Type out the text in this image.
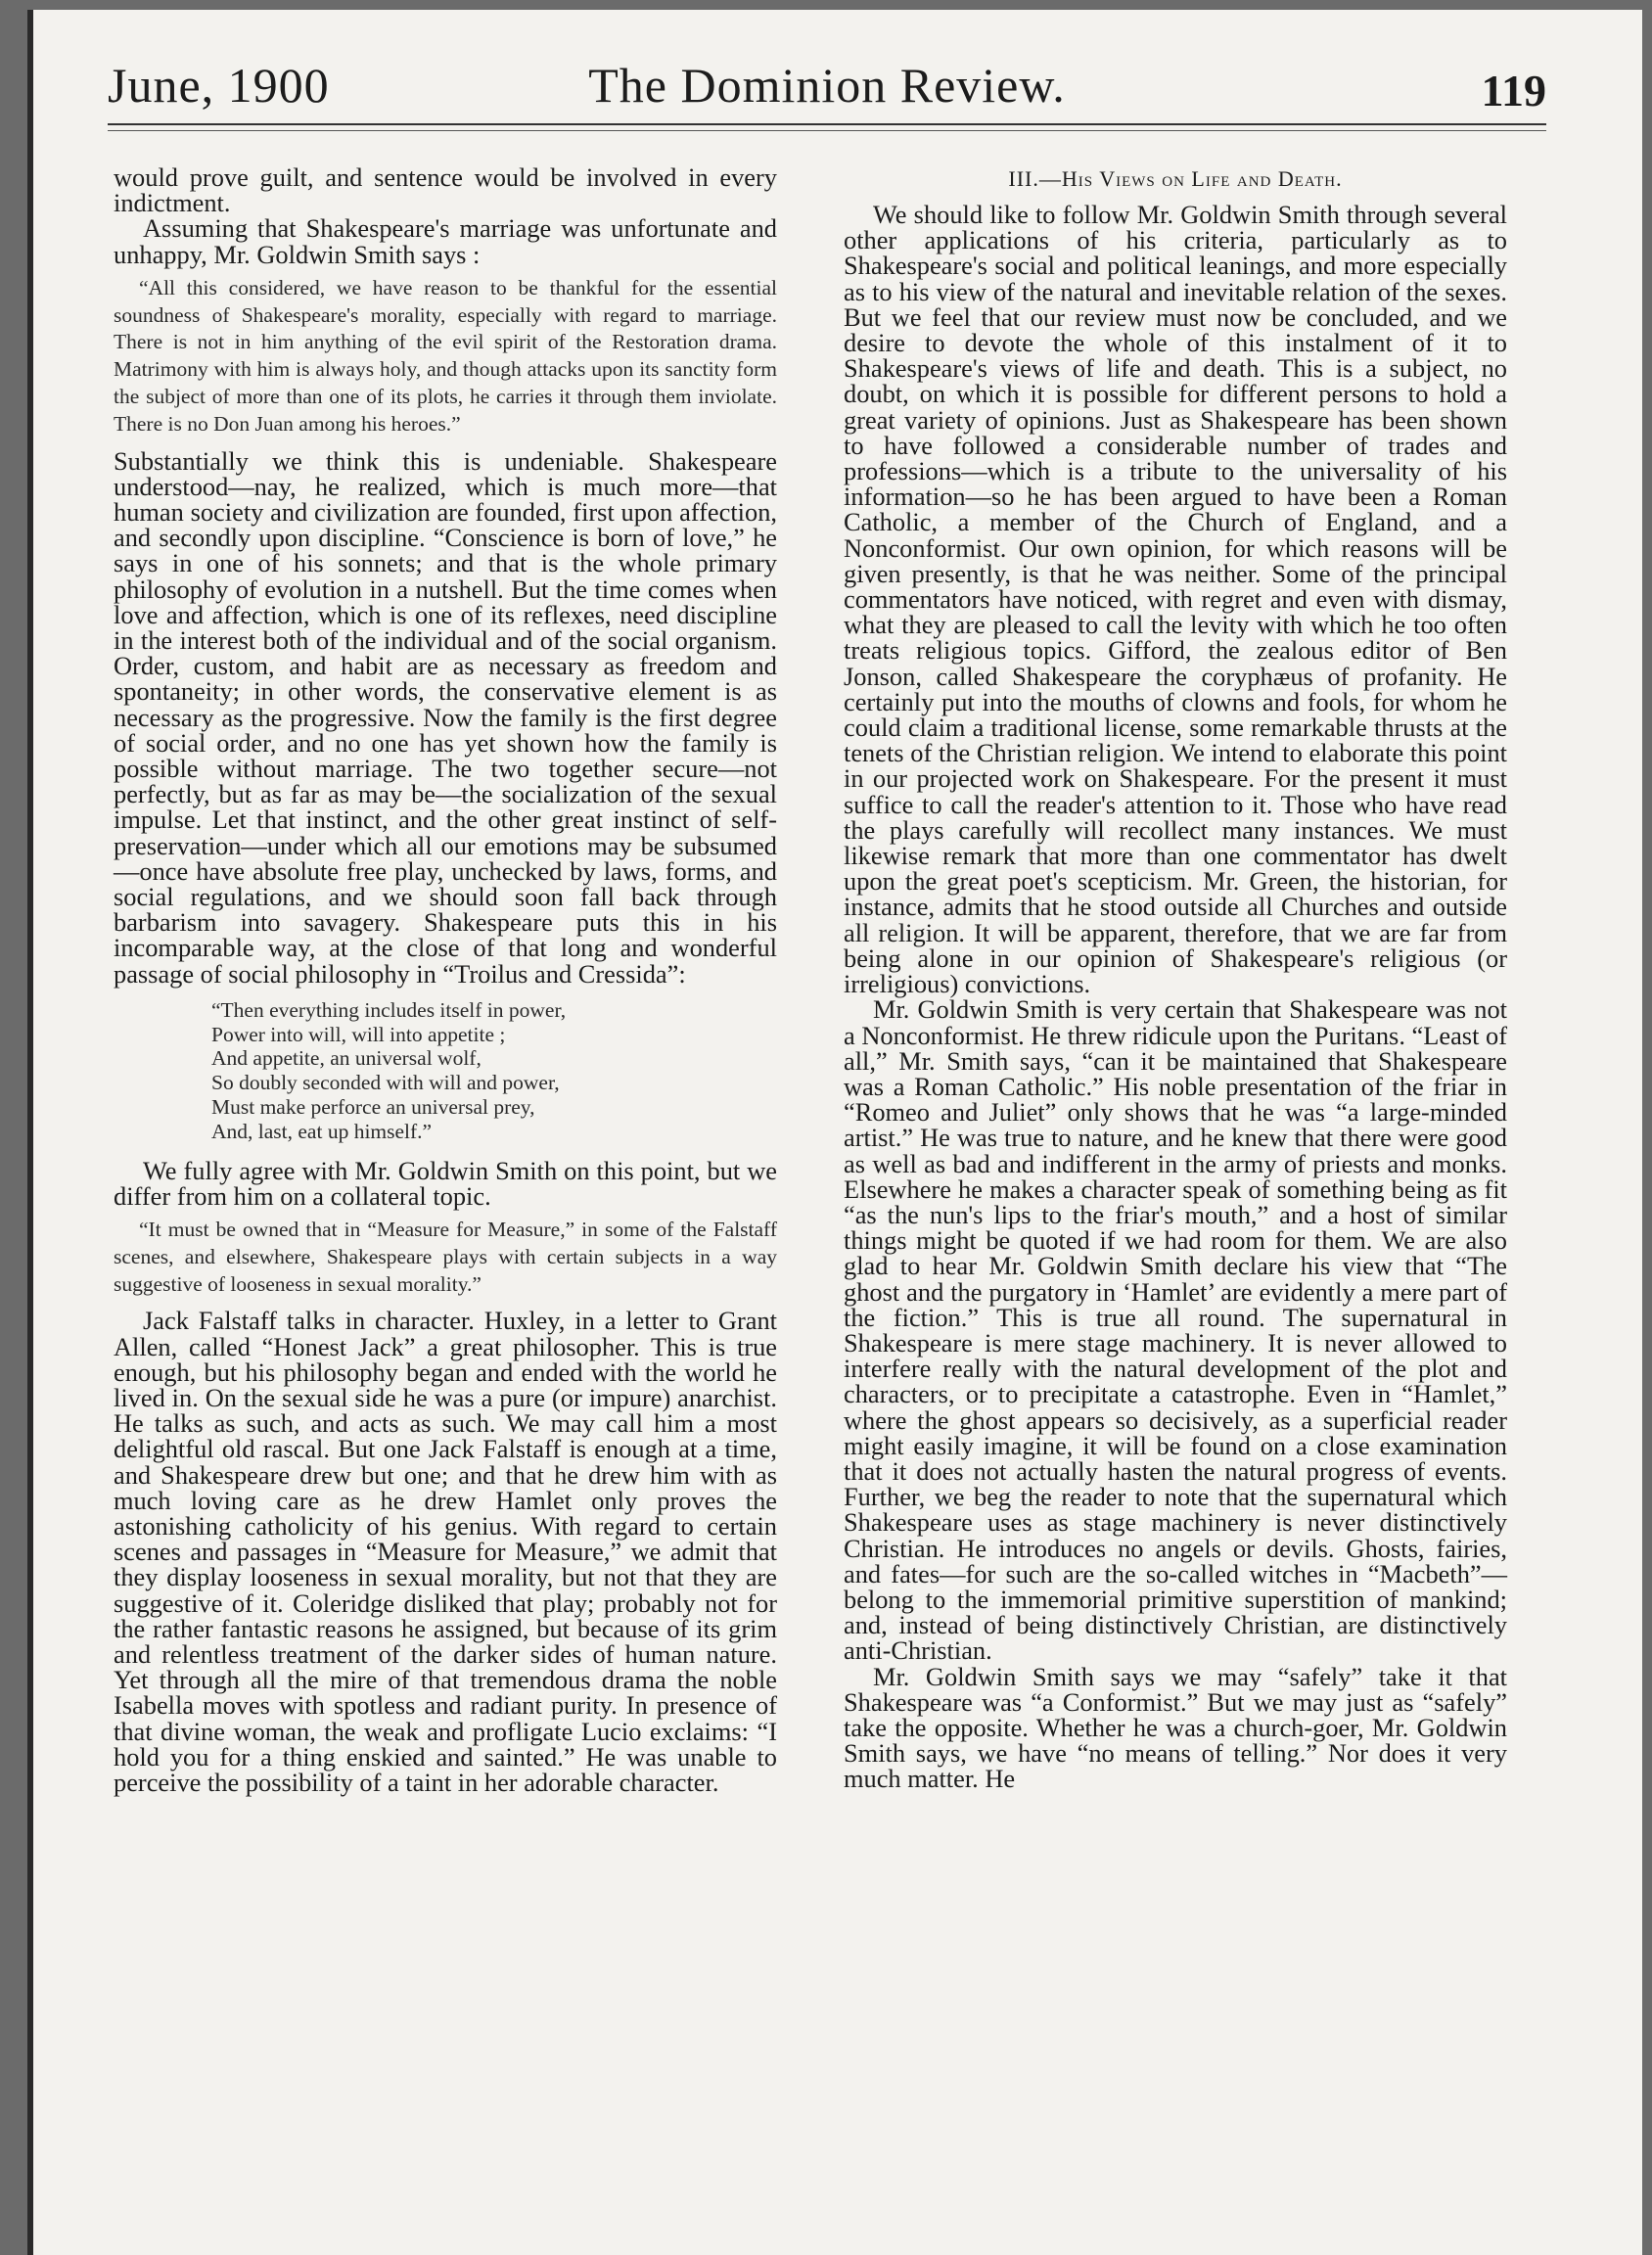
The Dominion Review.
June, 1900	119

would prove guilt, and sentence would be involved in every indictment.

Assuming that Shakespeare's marriage was unfortunate and unhappy, Mr. Goldwin Smith says :

“All this considered, we have reason to be thankful for the essential soundness of Shakespeare's morality, especially with regard to marriage. There is not in him anything of the evil spirit of the Restoration drama. Matrimony with him is always holy, and though attacks upon its sanctity form the subject of more than one of its plots, he carries it through them inviolate. There is no Don Juan among his heroes.”

Substantially we think this is undeniable. Shakespeare understood—nay, he realized, which is much more—that human society and civilization are founded, first upon affection, and secondly upon discipline. “Conscience is born of love,” he says in one of his sonnets; and that is the whole primary philosophy of evolution in a nutshell. But the time comes when love and affection, which is one of its reflexes, need discipline in the interest both of the individual and of the social organism. Order, custom, and habit are as necessary as freedom and spontaneity; in other words, the conservative element is as necessary as the progressive. Now the family is the first degree of social order, and no one has yet shown how the family is possible without marriage. The two together secure—not perfectly, but as far as may be—the socialization of the sexual impulse. Let that instinct, and the other great instinct of self-preservation—under which all our emotions may be subsumed—once have absolute free play, unchecked by laws, forms, and social regulations, and we should soon fall back through barbarism into savagery. Shakespeare puts this in his incomparable way, at the close of that long and wonderful passage of social philosophy in “Troilus and Cressida”:

“Then everything includes itself in power,
Power into will, will into appetite ;
And appetite, an universal wolf,
So doubly seconded with will and power,
Must make perforce an universal prey,
And, last, eat up himself.”

We fully agree with Mr. Goldwin Smith on this point, but we differ from him on a collateral topic.

“It must be owned that in “Measure for Measure,” in some of the Falstaff scenes, and elsewhere, Shakespeare plays with certain subjects in a way suggestive of looseness in sexual morality.”

Jack Falstaff talks in character. Huxley, in a letter to Grant Allen, called “Honest Jack” a great philosopher. This is true enough, but his philosophy began and ended with the world he lived in. On the sexual side he was a pure (or impure) anarchist. He talks as such, and acts as such. We may call him a most delightful old rascal. But one Jack Falstaff is enough at a time, and Shakespeare drew but one; and that he drew him with as much loving care as he drew Hamlet only proves the astonishing catholicity of his genius. With regard to certain scenes and passages in “Measure for Measure,” we admit that they display looseness in sexual morality, but not that they are suggestive of it. Coleridge disliked that play; probably not for the rather fantastic reasons he assigned, but because of its grim and relentless treatment of the darker sides of human nature. Yet through all the mire of that tremendous drama the noble Isabella moves with spotless and radiant purity. In presence of that divine woman, the weak and profligate Lucio exclaims: “I hold you for a thing enskied and sainted.” He was unable to perceive the possibility of a taint in her adorable character.

III.—His Views on Life and Death.

We should like to follow Mr. Goldwin Smith through several other applications of his criteria, particularly as to Shakespeare's social and political leanings, and more especially as to his view of the natural and inevitable relation of the sexes. But we feel that our review must now be concluded, and we desire to devote the whole of this instalment of it to Shakespeare's views of life and death. This is a subject, no doubt, on which it is possible for different persons to hold a great variety of opinions. Just as Shakespeare has been shown to have followed a considerable number of trades and professions—which is a tribute to the universality of his information—so he has been argued to have been a Roman Catholic, a member of the Church of England, and a Nonconformist. Our own opinion, for which reasons will be given presently, is that he was neither. Some of the principal commentators have noticed, with regret and even with dismay, what they are pleased to call the levity with which he too often treats religious topics. Gifford, the zealous editor of Ben Jonson, called Shakespeare the coryphæus of profanity. He certainly put into the mouths of clowns and fools, for whom he could claim a traditional license, some remarkable thrusts at the tenets of the Christian religion. We intend to elaborate this point in our projected work on Shakespeare. For the present it must suffice to call the reader's attention to it. Those who have read the plays carefully will recollect many instances. We must likewise remark that more than one commentator has dwelt upon the great poet's scepticism. Mr. Green, the historian, for instance, admits that he stood outside all Churches and outside all religion. It will be apparent, therefore, that we are far from being alone in our opinion of Shakespeare's religious (or irreligious) convictions.

Mr. Goldwin Smith is very certain that Shakespeare was not a Nonconformist. He threw ridicule upon the Puritans. “Least of all,” Mr. Smith says, “can it be maintained that Shakespeare was a Roman Catholic.” His noble presentation of the friar in “Romeo and Juliet” only shows that he was “a large-minded artist.” He was true to nature, and he knew that there were good as well as bad and indifferent in the army of priests and monks. Elsewhere he makes a character speak of something being as fit “as the nun's lips to the friar's mouth,” and a host of similar things might be quoted if we had room for them. We are also glad to hear Mr. Goldwin Smith declare his view that “The ghost and the purgatory in ‘Hamlet’ are evidently a mere part of the fiction.” This is true all round. The supernatural in Shakespeare is mere stage machinery. It is never allowed to interfere really with the natural development of the plot and characters, or to precipitate a catastrophe. Even in “Hamlet,” where the ghost appears so decisively, as a superficial reader might easily imagine, it will be found on a close examination that it does not actually hasten the natural progress of events. Further, we beg the reader to note that the supernatural which Shakespeare uses as stage machinery is never distinctively Christian. He introduces no angels or devils. Ghosts, fairies, and fates—for such are the so-called witches in “Macbeth”—belong to the immemorial primitive superstition of mankind; and, instead of being distinctively Christian, are distinctively anti-Christian.

Mr. Goldwin Smith says we may “safely” take it that Shakespeare was “a Conformist.” But we may just as “safely” take the opposite. Whether he was a church-goer, Mr. Goldwin Smith says, we have “no means of telling.” Nor does it very much matter. He
